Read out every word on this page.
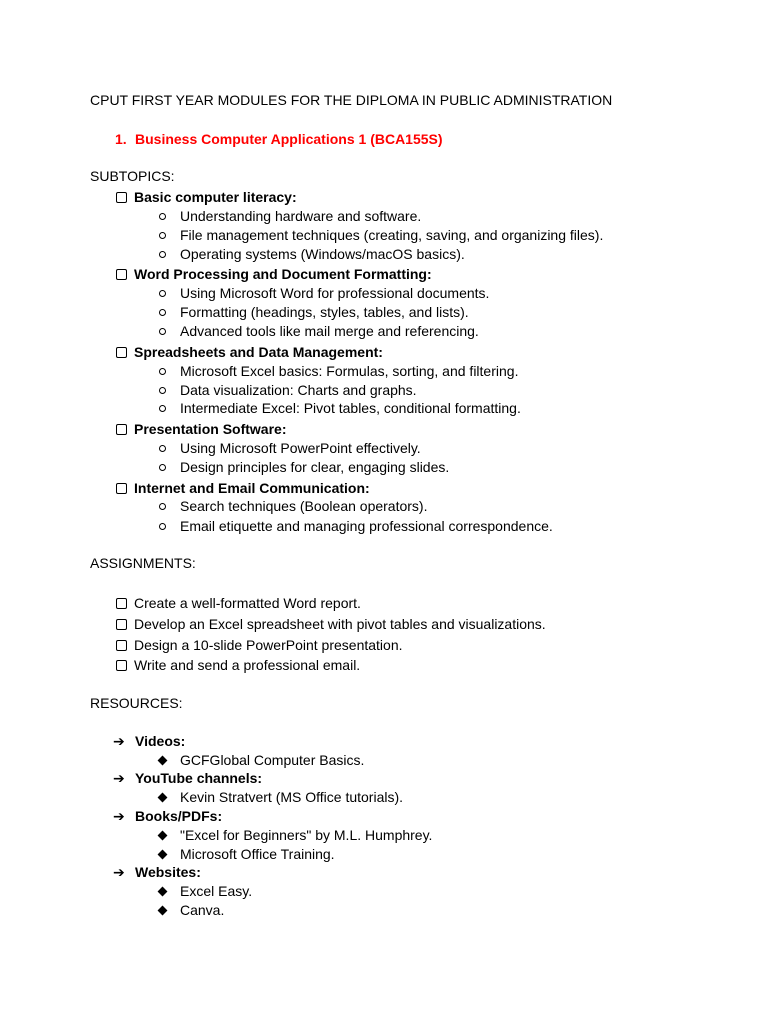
CPUT FIRST YEAR MODULES FOR THE DIPLOMA IN PUBLIC ADMINISTRATION
1. Business Computer Applications 1 (BCA155S)
SUBTOPICS:
Basic computer literacy:
Understanding hardware and software.
File management techniques (creating, saving, and organizing files).
Operating systems (Windows/macOS basics).
Word Processing and Document Formatting:
Using Microsoft Word for professional documents.
Formatting (headings, styles, tables, and lists).
Advanced tools like mail merge and referencing.
Spreadsheets and Data Management:
Microsoft Excel basics: Formulas, sorting, and filtering.
Data visualization: Charts and graphs.
Intermediate Excel: Pivot tables, conditional formatting.
Presentation Software:
Using Microsoft PowerPoint effectively.
Design principles for clear, engaging slides.
Internet and Email Communication:
Search techniques (Boolean operators).
Email etiquette and managing professional correspondence.
ASSIGNMENTS:
Create a well-formatted Word report.
Develop an Excel spreadsheet with pivot tables and visualizations.
Design a 10-slide PowerPoint presentation.
Write and send a professional email.
RESOURCES:
➔ Videos:
GCFGlobal Computer Basics.
➔ YouTube channels:
Kevin Stratvert (MS Office tutorials).
➔ Books/PDFs:
"Excel for Beginners" by M.L. Humphrey.
Microsoft Office Training.
➔ Websites:
Excel Easy.
Canva.
